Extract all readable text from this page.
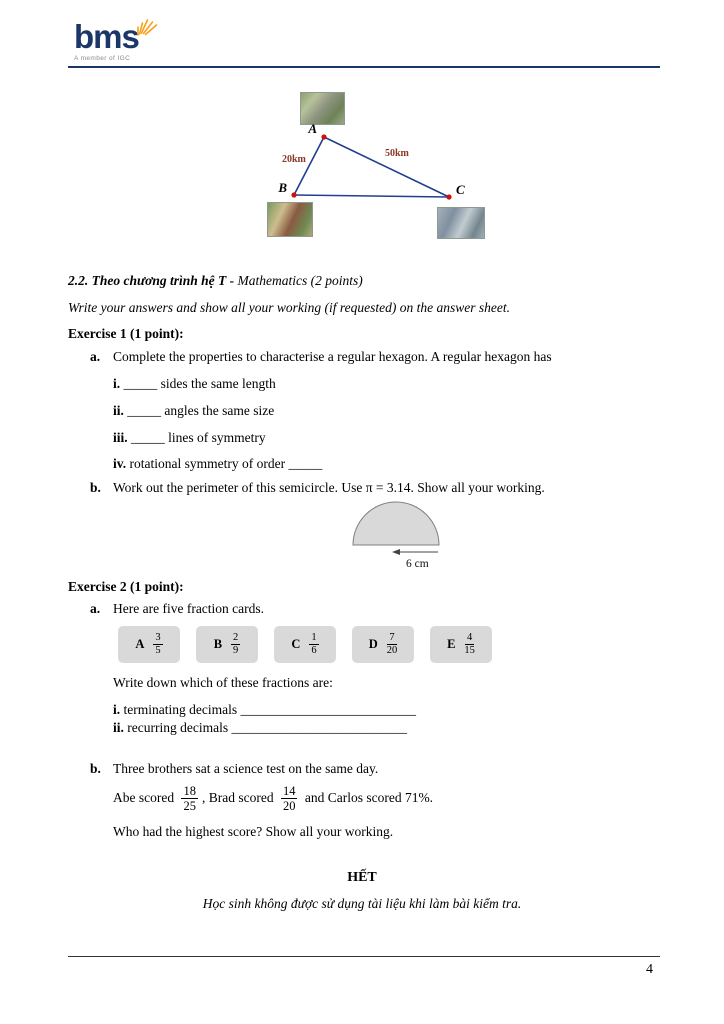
bms
A member of IGC
A
B	C
20km
50km
2.2. Theo chương trình hệ T - Mathematics (2 points)
Write your answers and show all your working (if requested) on the answer sheet.
Exercise 1 (1 point):
a. Complete the properties to characterise a regular hexagon. A regular hexagon has
i. _____ sides the same length
ii. _____ angles the same size
iii. _____ lines of symmetry
iv. rotational symmetry of order _____
b. Work out the perimeter of this semicircle. Use π = 3.14. Show all your working.
6 cm
Exercise 2 (1 point):
a. Here are five fraction cards.
A $\frac{3}{5}$	B $\frac{2}{9}$	C $\frac{1}{6}$	D $\frac{7}{20}$	E $\frac{4}{15}$
Write down which of these fractions are:
i. terminating decimals __________________________
ii. recurring decimals __________________________
b. Three brothers sat a science test on the same day.
Abe scored $\frac{18}{25}$ , Brad scored $\frac{14}{20}$ and Carlos scored 71%.
Who had the highest score? Show all your working.
HẾT
Học sinh không được sử dụng tài liệu khi làm bài kiểm tra.
4
